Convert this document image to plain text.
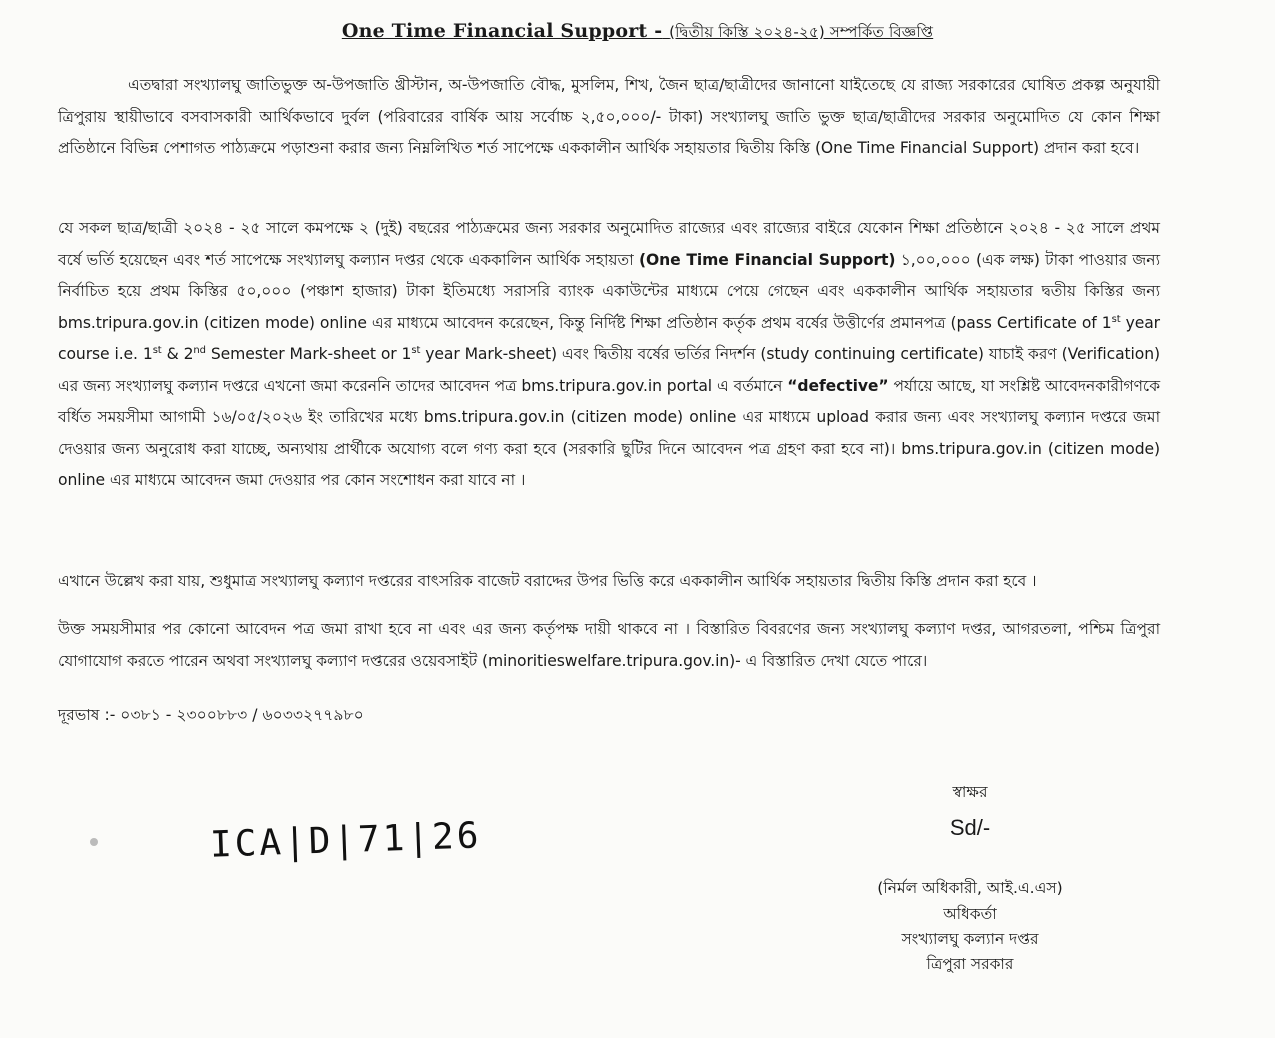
One Time Financial Support - (দ্বিতীয় কিস্তি ২০২৪-২৫) সম্পর্কিত বিজ্ঞপ্তি
এতদ্বারা সংখ্যালঘু জাতিভুক্ত অ-উপজাতি খ্রীস্টান, অ-উপজাতি বৌদ্ধ, মুসলিম, শিখ, জৈন ছাত্র/ছাত্রীদের জানানো যাইতেছে যে রাজ্য সরকারের ঘোষিত প্রকল্প অনুযায়ী ত্রিপুরায় স্থায়ীভাবে বসবাসকারী আর্থিকভাবে দুর্বল (পরিবারের বার্ষিক আয় সর্বোচ্চ ২,৫০,০০০/- টাকা) সংখ্যালঘু জাতি ভুক্ত ছাত্র/ছাত্রীদের সরকার অনুমোদিত যে কোন শিক্ষা প্রতিষ্ঠানে বিভিন্ন পেশাগত পাঠ্যক্রমে পড়াশুনা করার জন্য নিম্নলিখিত শর্ত সাপেক্ষে এককালীন আর্থিক সহায়তার দ্বিতীয় কিস্তি (One Time Financial Support) প্রদান করা হবে।
যে সকল ছাত্র/ছাত্রী ২০২৪ - ২৫ সালে কমপক্ষে ২ (দুই) বছরের পাঠ্যক্রমের জন্য সরকার অনুমোদিত রাজ্যের এবং রাজ্যের বাইরে যেকোন শিক্ষা প্রতিষ্ঠানে ২০২৪ - ২৫ সালে প্রথম বর্ষে ভর্তি হয়েছেন এবং শর্ত সাপেক্ষে সংখ্যালঘু কল্যান দপ্তর থেকে এককালিন আর্থিক সহায়তা (One Time Financial Support) ১,০০,০০০ (এক লক্ষ) টাকা পাওয়ার জন্য নির্বাচিত হয়ে প্রথম কিস্তির ৫০,০০০ (পঞ্চাশ হাজার) টাকা ইতিমধ্যে সরাসরি ব্যাংক একাউন্টের মাধ্যমে পেয়ে গেছেন এবং এককালীন আর্থিক সহায়তার দ্বতীয় কিস্তির জন্য bms.tripura.gov.in (citizen mode) online এর মাধ্যমে আবেদন করেছেন, কিন্তু নির্দিষ্ট শিক্ষা প্রতিষ্ঠান কর্তৃক প্রথম বর্ষের উত্তীর্ণের প্রমানপত্র (pass Certificate of 1st year course i.e. 1st & 2nd Semester Mark-sheet or 1st year Mark-sheet) এবং দ্বিতীয় বর্ষের ভর্তির নিদর্শন (study continuing certificate) যাচাই করণ (Verification) এর জন্য সংখ্যালঘু কল্যান দপ্তরে এখনো জমা করেননি তাদের আবেদন পত্র bms.tripura.gov.in portal এ বর্তমানে “defective” পর্যায়ে আছে, যা সংশ্লিষ্ট আবেদনকারীগণকে বর্ধিত সময়সীমা আগামী ১৬/০৫/২০২৬ ইং তারিখের মধ্যে bms.tripura.gov.in (citizen mode) online এর মাধ্যমে upload করার জন্য এবং সংখ্যালঘু কল্যান দপ্তরে জমা দেওয়ার জন্য অনুরোধ করা যাচ্ছে, অন্যথায় প্রার্থীকে অযোগ্য বলে গণ্য করা হবে (সরকারি ছুটির দিনে আবেদন পত্র গ্রহণ করা হবে না)। bms.tripura.gov.in (citizen mode) online এর মাধ্যমে আবেদন জমা দেওয়ার পর কোন সংশোধন করা যাবে না ।
এখানে উল্লেখ করা যায়, শুধুমাত্র সংখ্যালঘু কল্যাণ দপ্তরের বাৎসরিক বাজেট বরাদ্দের উপর ভিত্তি করে এককালীন আর্থিক সহায়তার দ্বিতীয় কিস্তি প্রদান করা হবে ।
উক্ত সময়সীমার পর কোনো আবেদন পত্র জমা রাখা হবে না এবং এর জন্য কর্তৃপক্ষ দায়ী থাকবে না । বিস্তারিত বিবরণের জন্য সংখ্যালঘু কল্যাণ দপ্তর, আগরতলা, পশ্চিম ত্রিপুরা যোগাযোগ করতে পারেন অথবা সংখ্যালঘু কল্যাণ দপ্তরের ওয়েবসাইট (minoritieswelfare.tripura.gov.in)- এ বিস্তারিত দেখা যেতে পারে।
দূরভাষ :- ০৩৮১ - ২৩০০৮৮৩ / ৬০৩৩২৭৭৯৮০
ICA|D|71|26
স্বাক্ষর
Sd/-
(নির্মল অধিকারী, আই.এ.এস)
অধিকর্তা
সংখ্যালঘু কল্যান দপ্তর
ত্রিপুরা সরকার
